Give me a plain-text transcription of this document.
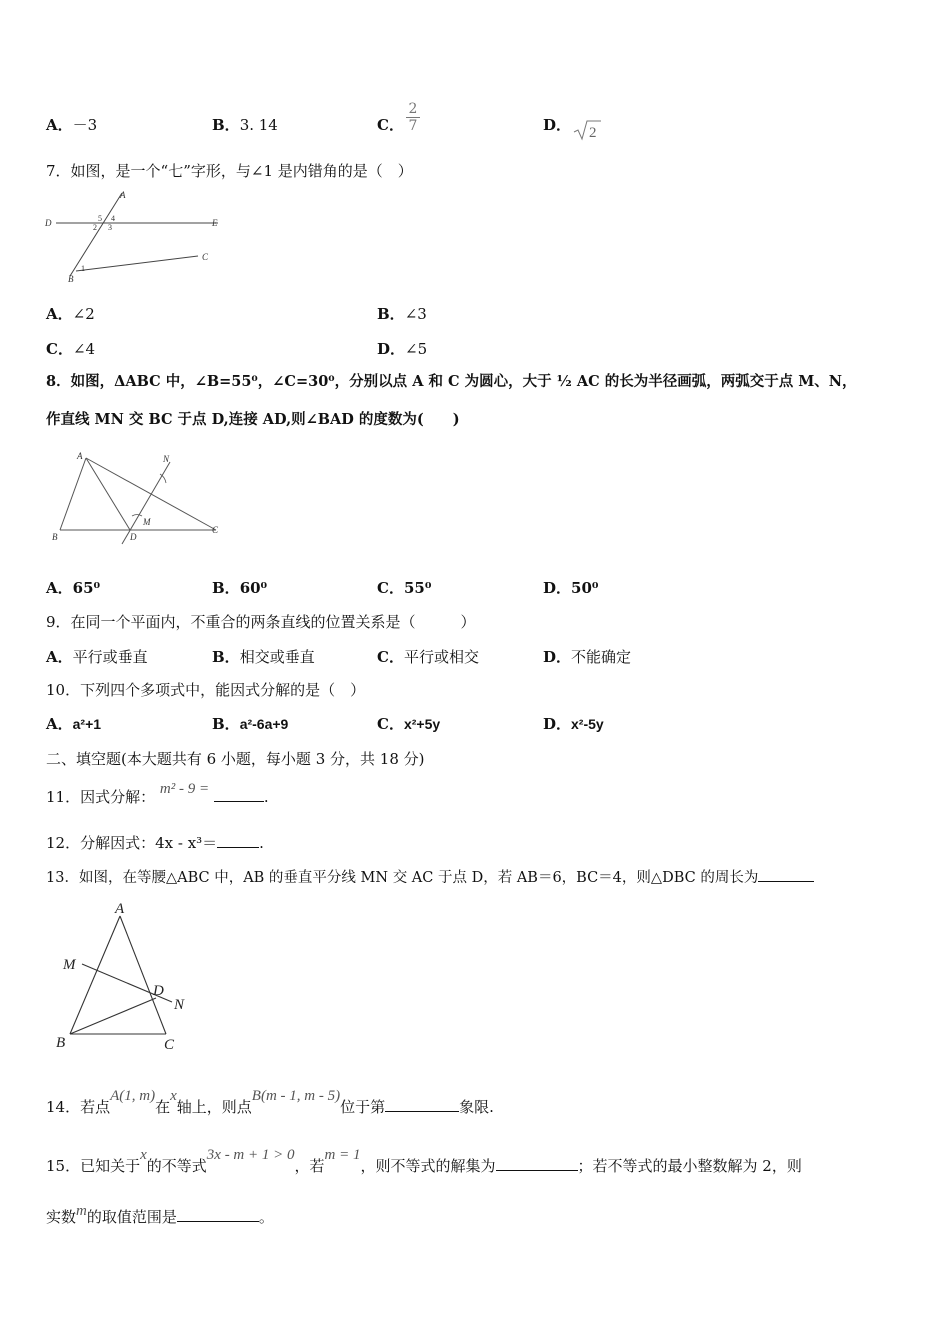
A．－3	B．3. 14	C． $\frac{2}{7}$	D． 2
7．如图，是一个“七”字形，与∠1 是内错角的是（　）
A
D	E
B
C
5 4
2 3
1
A．∠2	B．∠3
C．∠4	D．∠5
8．如图，ΔABC 中，∠B=55⁰，∠C=30⁰，分别以点 A 和 C 为圆心，大于 ½ AC 的长为半径画弧，两弧交于点 M、N，
作直线 MN 交 BC 于点 D,连接 AD,则∠BAD 的度数为(　　)
A
B
C
D
M
N
A．65⁰	B．60⁰	C．55⁰	D．50⁰
9．在同一个平面内，不重合的两条直线的位置关系是（　　　）
A．平行或垂直	B．相交或垂直	C．平行或相交	D．不能确定
10．下列四个多项式中，能因式分解的是（　）
A．a²+1	B．a²-6a+9	C．x²+5y	D．x²-5y
二、填空题(本大题共有 6 小题，每小题 3 分，共 18 分)
11．因式分解： m² - 9 =	.
12．分解因式：4x - x³＝	.
13．如图，在等腰△ABC 中，AB 的垂直平分线 MN 交 AC 于点 D，若 AB＝6，BC＝4，则△DBC 的周长为
A
M
D
N
B	C
14．若点A(1, m)在x轴上，则点B(m - 1, m - 5)位于第	象限.
15．已知关于x的不等式3x - m + 1 > 0，若m = 1，则不等式的解集为	；若不等式的最小整数解为 2，则
实数m的取值范围是	。
